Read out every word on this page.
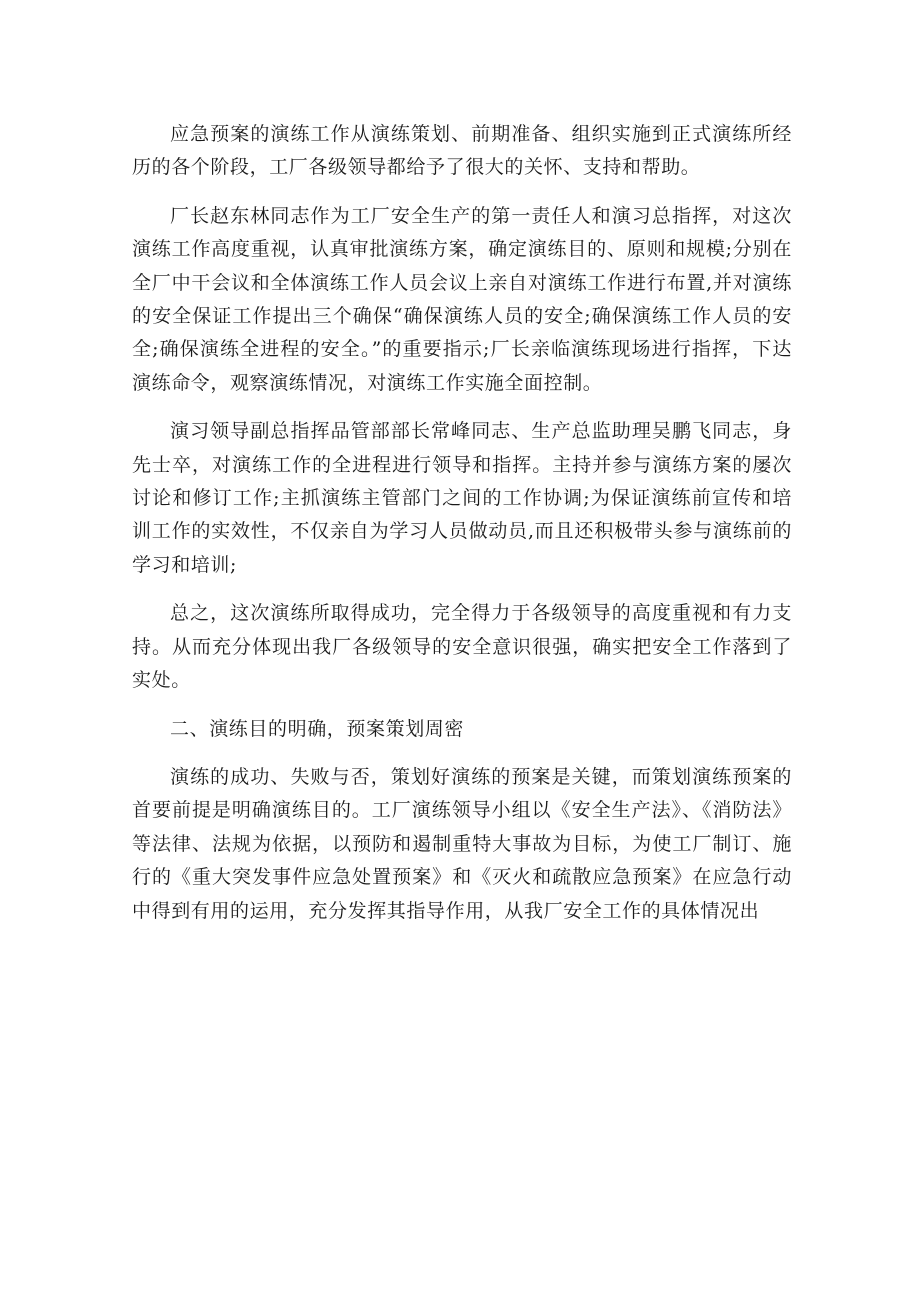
应急预案的演练工作从演练策划、前期准备、组织实施到正式演练所经历的各个阶段，工厂各级领导都给予了很大的关怀、支持和帮助。

厂长赵东林同志作为工厂安全生产的第一责任人和演习总指挥，对这次演练工作高度重视，认真审批演练方案，确定演练目的、原则和规模;分别在全厂中干会议和全体演练工作人员会议上亲自对演练工作进行布置,并对演练的安全保证工作提出三个确保“确保演练人员的安全;确保演练工作人员的安全;确保演练全进程的安全。”的重要指示;厂长亲临演练现场进行指挥，下达演练命令，观察演练情况，对演练工作实施全面控制。

演习领导副总指挥品管部部长常峰同志、生产总监助理吴鹏飞同志，身先士卒，对演练工作的全进程进行领导和指挥。主持并参与演练方案的屡次讨论和修订工作;主抓演练主管部门之间的工作协调;为保证演练前宣传和培训工作的实效性，不仅亲自为学习人员做动员,而且还积极带头参与演练前的学习和培训;

总之，这次演练所取得成功，完全得力于各级领导的高度重视和有力支持。从而充分体现出我厂各级领导的安全意识很强，确实把安全工作落到了实处。

二、演练目的明确，预案策划周密

演练的成功、失败与否，策划好演练的预案是关键，而策划演练预案的首要前提是明确演练目的。工厂演练领导小组以《安全生产法》、《消防法》等法律、法规为依据，以预防和遏制重特大事故为目标，为使工厂制订、施行的《重大突发事件应急处置预案》和《灭火和疏散应急预案》在应急行动中得到有用的运用，充分发挥其指导作用，从我厂安全工作的具体情况出
